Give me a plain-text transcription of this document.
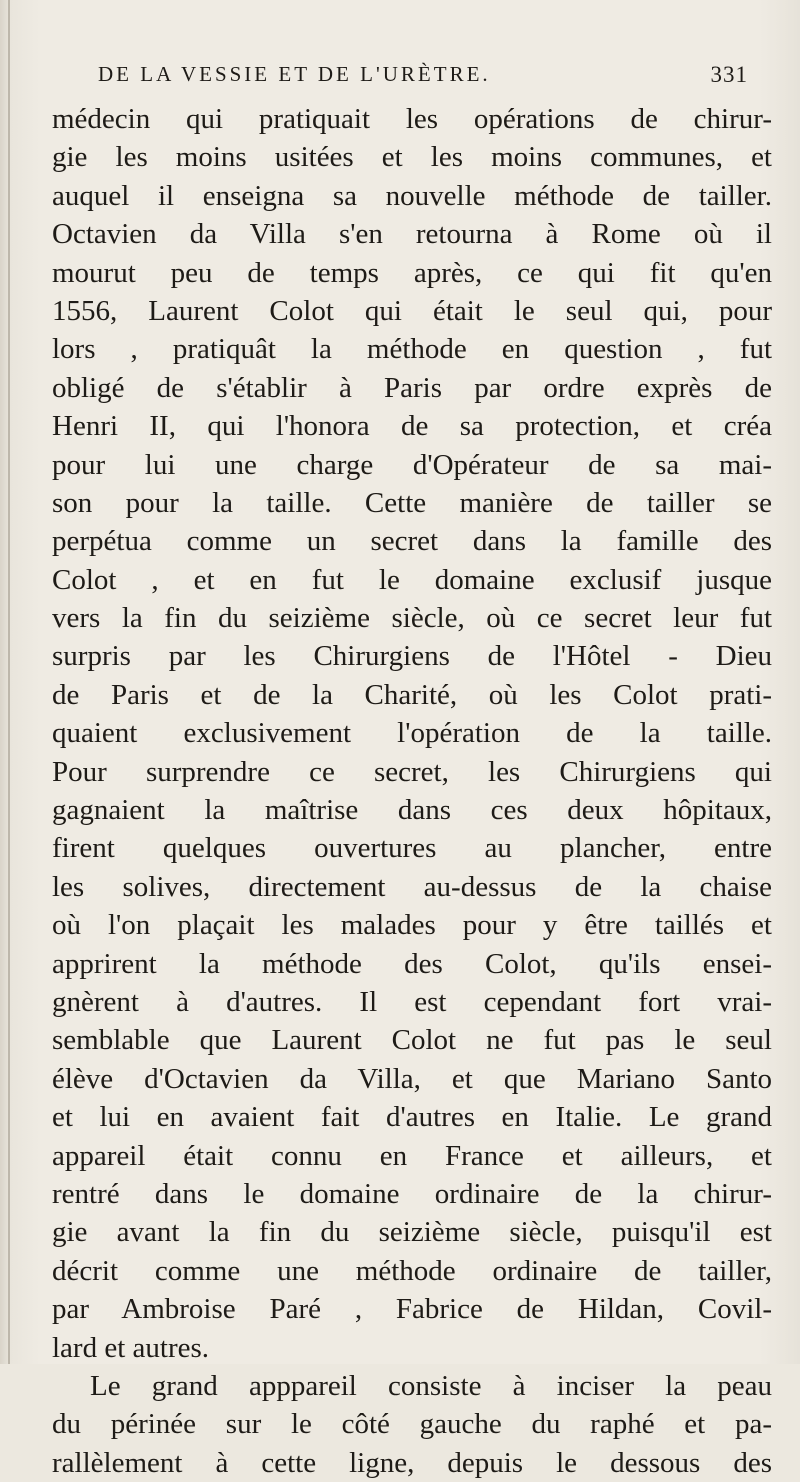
DE LA VESSIE ET DE L'URÈTRE.	331
médecin qui pratiquait les opérations de chirur-
gie les moins usitées et les moins communes, et
auquel il enseigna sa nouvelle méthode de tailler.
Octavien da Villa s'en retourna à Rome où il
mourut peu de temps après, ce qui fit qu'en
1556, Laurent Colot qui était le seul qui, pour
lors , pratiquât la méthode en question , fut
obligé de s'établir à Paris par ordre exprès de
Henri II, qui l'honora de sa protection, et créa
pour lui une charge d'Opérateur de sa mai-
son pour la taille. Cette manière de tailler se
perpétua comme un secret dans la famille des
Colot , et en fut le domaine exclusif jusque
vers la fin du seizième siècle, où ce secret leur fut
surpris par les Chirurgiens de l'Hôtel - Dieu
de Paris et de la Charité, où les Colot prati-
quaient exclusivement l'opération de la taille.
Pour surprendre ce secret, les Chirurgiens qui
gagnaient la maîtrise dans ces deux hôpitaux,
firent quelques ouvertures au plancher, entre
les solives, directement au-dessus de la chaise
où l'on plaçait les malades pour y être taillés et
apprirent la méthode des Colot, qu'ils ensei-
gnèrent à d'autres. Il est cependant fort vrai-
semblable que Laurent Colot ne fut pas le seul
élève d'Octavien da Villa, et que Mariano Santo
et lui en avaient fait d'autres en Italie. Le grand
appareil était connu en France et ailleurs, et
rentré dans le domaine ordinaire de la chirur-
gie avant la fin du seizième siècle, puisqu'il est
décrit comme une méthode ordinaire de tailler,
par Ambroise Paré , Fabrice de Hildan, Covil-
lard et autres.
Le grand apppareil consiste à inciser la peau
du périnée sur le côté gauche du raphé et pa-
rallèlement à cette ligne, depuis le dessous des
